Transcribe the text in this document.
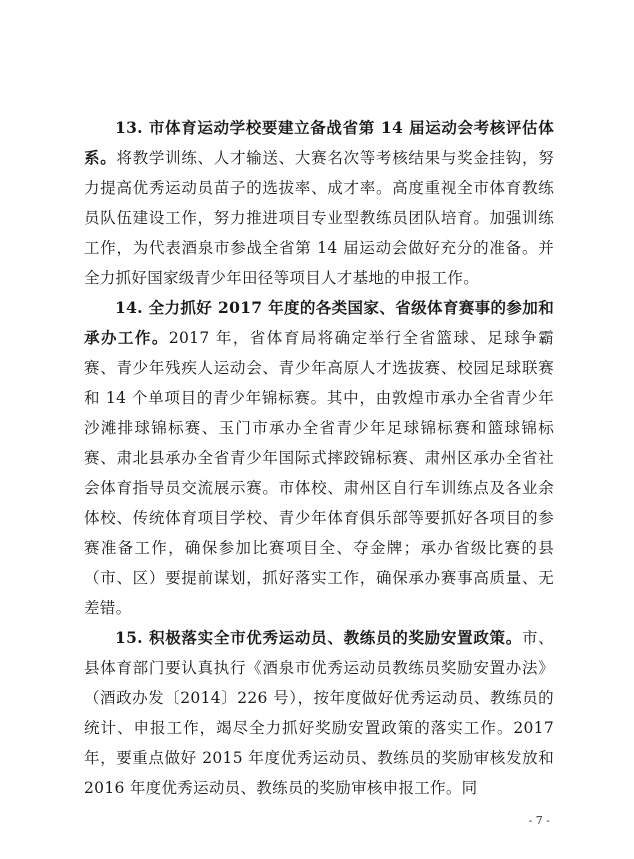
13. 市体育运动学校要建立备战省第 14 届运动会考核评估体系。将教学训练、人才输送、大赛名次等考核结果与奖金挂钩，努力提高优秀运动员苗子的选拔率、成才率。高度重视全市体育教练员队伍建设工作，努力推进项目专业型教练员团队培育。加强训练工作，为代表酒泉市参战全省第 14 届运动会做好充分的准备。并全力抓好国家级青少年田径等项目人才基地的申报工作。

14. 全力抓好 2017 年度的各类国家、省级体育赛事的参加和承办工作。2017 年，省体育局将确定举行全省篮球、足球争霸赛、青少年残疾人运动会、青少年高原人才选拔赛、校园足球联赛和 14 个单项目的青少年锦标赛。其中，由敦煌市承办全省青少年沙滩排球锦标赛、玉门市承办全省青少年足球锦标赛和篮球锦标赛、肃北县承办全省青少年国际式摔跤锦标赛、肃州区承办全省社会体育指导员交流展示赛。市体校、肃州区自行车训练点及各业余体校、传统体育项目学校、青少年体育俱乐部等要抓好各项目的参赛准备工作，确保参加比赛项目全、夺金牌；承办省级比赛的县（市、区）要提前谋划，抓好落实工作，确保承办赛事高质量、无差错。

15. 积极落实全市优秀运动员、教练员的奖励安置政策。市、县体育部门要认真执行《酒泉市优秀运动员教练员奖励安置办法》（酒政办发〔2014〕226 号），按年度做好优秀运动员、教练员的统计、申报工作，竭尽全力抓好奖励安置政策的落实工作。2017 年，要重点做好 2015 年度优秀运动员、教练员的奖励审核发放和 2016 年度优秀运动员、教练员的奖励审核申报工作。同

- 7 -
